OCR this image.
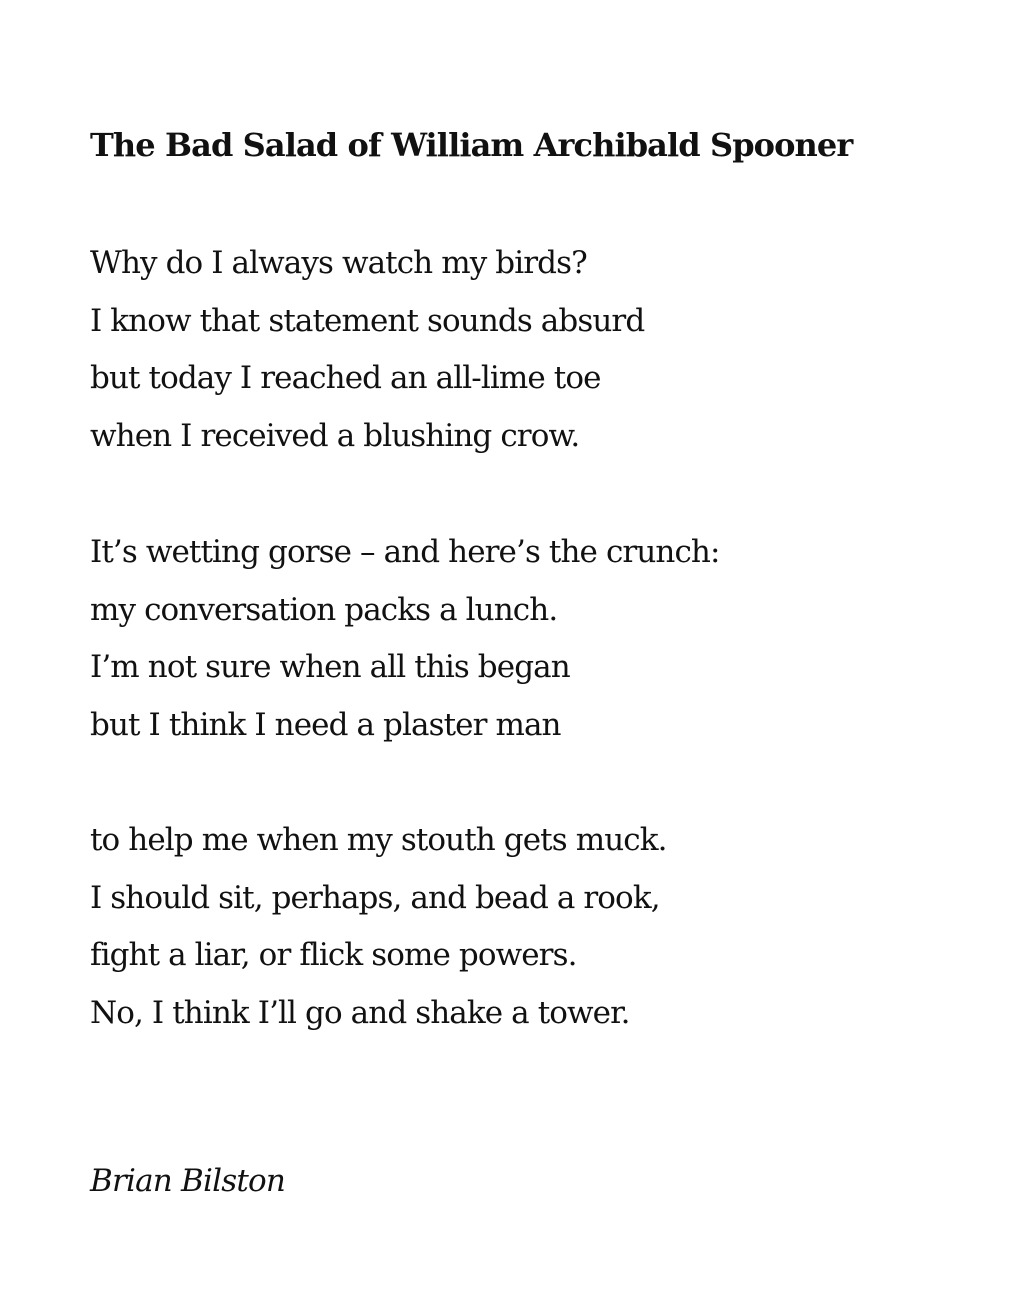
The Bad Salad of William Archibald Spooner
Why do I always watch my birds?
I know that statement sounds absurd
but today I reached an all-lime toe
when I received a blushing crow.
It’s wetting gorse – and here’s the crunch:
my conversation packs a lunch.
I’m not sure when all this began
but I think I need a plaster man
to help me when my stouth gets muck.
I should sit, perhaps, and bead a rook,
fight a liar, or flick some powers.
No, I think I’ll go and shake a tower.

Brian Bilston
